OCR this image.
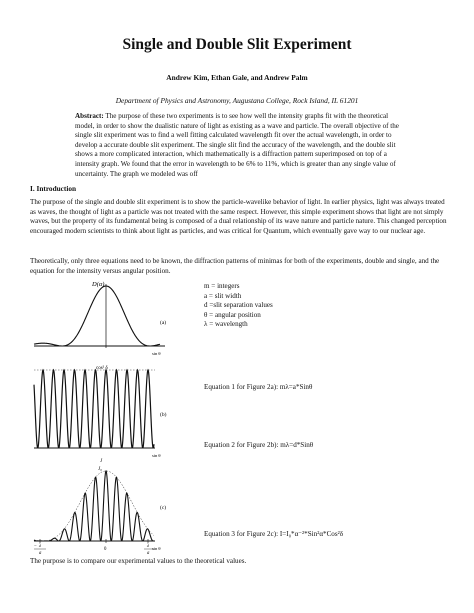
Single and Double Slit Experiment
Andrew Kim, Ethan Gale, and Andrew Palm
Department of Physics and Astronomy, Augustana College, Rock Island, IL 61201

Abstract: The purpose of these two experiments is to see how well the intensity graphs fit with the theoretical model, in order to show the dualistic nature of light as existing as a wave and particle. The overall objective of the single slit experiment was to find a well fitting calculated wavelength fit over the actual wavelength, in order to develop a accurate double slit experiment. The single slit find the accuracy of the wavelength, and the double slit shows a more complicated interaction, which mathematically is a diffraction pattern superimposed on top of a intensity graph. We found that the error in wavelength to be 6% to 11%, which is greater than any single value of uncertainty. The graph we modeled was off

I. Introduction

The purpose of the single and double slit experiment is to show the particle-wavelike behavior of light. In earlier physics, light was always treated as waves, the thought of light as a particle was not treated with the same respect. However, this simple experiment shows that light are not simply waves, but the property of its fundamental being is composed of a dual relationship of its wave nature and particle nature. This changed perception encouraged modern scientists to think about light as particles, and was critical for Quantum, which eventually gave way to our nuclear age.

Theoretically, only three equations need to be known, the diffraction patterns of minimas for both of the experiments, double and single, and the equation for the intensity versus angular position.

D(α)
(a)
sin θ
cos² δ
(b)
sin θ
J
J₀
(c)
sin θ
− λ
a
0
λ
a
m = integers
a = slit width
d =slit separation values
θ = angular position
λ = wavelength
Equation 1 for Figure 2a): mλ=a*Sinθ
Equation 2 for Figure 2b): mλ=d*Sinθ
Equation 3 for Figure 2c): I=I₀*α⁻²*Sin²α*Cos²δ
The purpose is to compare our experimental values to the theoretical values.
